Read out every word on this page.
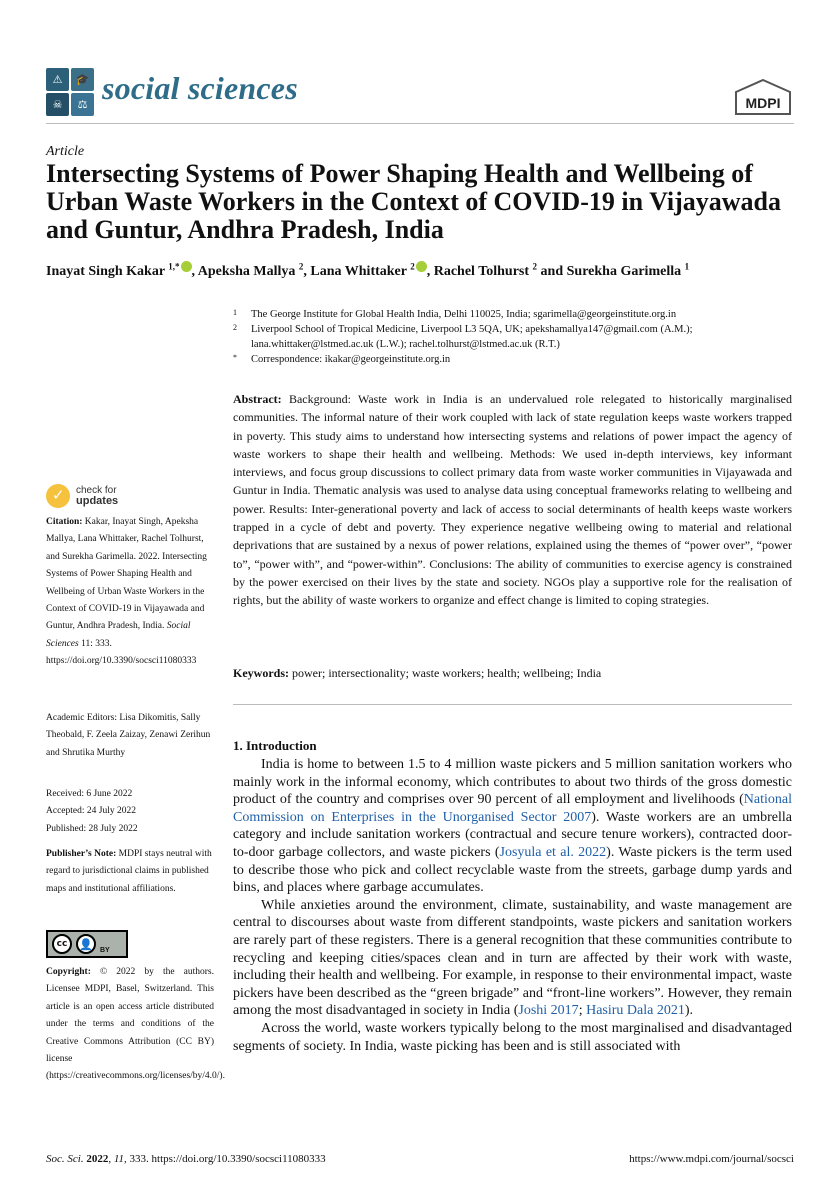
⚠	🎓
☠	⚖ social sciences	MDPI
Article
Intersecting Systems of Power Shaping Health and Wellbeing of Urban Waste Workers in the Context of COVID-19 in Vijayawada and Guntur, Andhra Pradesh, India
Inayat Singh Kakar $^{1,*}$ , Apeksha Mallya $^2$, Lana Whittaker $^2$ , Rachel Tolhurst $^2$ and Surekha Garimella $^1$
1 The George Institute for Global Health India, Delhi 110025, India; sgarimella@georgeinstitute.org.in
2 Liverpool School of Tropical Medicine, Liverpool L3 5QA, UK; apekshamallya147@gmail.com (A.M.); lana.whittaker@lstmed.ac.uk (L.W.); rachel.tolhurst@lstmed.ac.uk (R.T.)
* Correspondence: ikakar@georgeinstitute.org.in

Abstract: Background: Waste work in India is an undervalued role relegated to historically marginalised communities. The informal nature of their work coupled with lack of state regulation keeps waste workers trapped in poverty. This study aims to understand how intersecting systems and relations of power impact the agency of waste workers to shape their health and wellbeing. Methods: We used in-depth interviews, key informant interviews, and focus group discussions to collect primary data from waste worker communities in Vijayawada and Guntur in India. Thematic analysis was used to analyse data using conceptual frameworks relating to wellbeing and power. Results: Inter-generational poverty and lack of access to social determinants of health keeps waste workers trapped in a cycle of debt and poverty. They experience negative wellbeing owing to material and relational deprivations that are sustained by a nexus of power relations, explained using the themes of “power over”, “power to”, “power with”, and “power-within”. Conclusions: The ability of communities to exercise agency is constrained by the power exercised on their lives by the state and society. NGOs play a supportive role for the realisation of rights, but the ability of waste workers to organize and effect change is limited to coping strategies.

Keywords: power; intersectionality; waste workers; health; wellbeing; India
1. Introduction

India is home to between 1.5 to 4 million waste pickers and 5 million sanitation workers who mainly work in the informal economy, which contributes to about two thirds of the gross domestic product of the country and comprises over 90 percent of all employment and livelihoods (National Commission on Enterprises in the Unorganised Sector 2007). Waste workers are an umbrella category and include sanitation workers (contractual and secure tenure workers), contracted door-to-door garbage collectors, and waste pickers (Josyula et al. 2022). Waste pickers is the term used to describe those who pick and collect recyclable waste from the streets, garbage dump yards and bins, and places where garbage accumulates.

While anxieties around the environment, climate, sustainability, and waste management are central to discourses about waste from different standpoints, waste pickers and sanitation workers are rarely part of these registers. There is a general recognition that these communities contribute to recycling and keeping cities/spaces clean and in turn are affected by their work with waste, including their health and wellbeing. For example, in response to their environmental impact, waste pickers have been described as the “green brigade” and “front-line workers”. However, they remain among the most disadvantaged in society in India (Joshi 2017; Hasiru Dala 2021).

Across the world, waste workers typically belong to the most marginalised and disadvantaged segments of society. In India, waste picking has been and is still associated with

✓
check for
updates
Citation: Kakar, Inayat Singh, Apeksha Mallya, Lana Whittaker, Rachel Tolhurst, and Surekha Garimella. 2022. Intersecting Systems of Power Shaping Health and Wellbeing of Urban Waste Workers in the Context of COVID-19 in Vijayawada and Guntur, Andhra Pradesh, India. Social Sciences 11: 333. https://doi.org/10.3390/socsci11080333
Academic Editors: Lisa Dikomitis, Sally Theobald, F. Zeela Zaizay, Zenawi Zerihun and Shrutika Murthy
Received: 6 June 2022
Accepted: 24 July 2022
Published: 28 July 2022
Publisher’s Note: MDPI stays neutral with regard to jurisdictional claims in published maps and institutional affiliations.
cc	👤	BY
Copyright: © 2022 by the authors. Licensee MDPI, Basel, Switzerland. This article is an open access article distributed under the terms and conditions of the Creative Commons Attribution (CC BY) license (https://creativecommons.org/licenses/by/4.0/).
Soc. Sci. 2022, 11, 333. https://doi.org/10.3390/socsci11080333	https://www.mdpi.com/journal/socsci
